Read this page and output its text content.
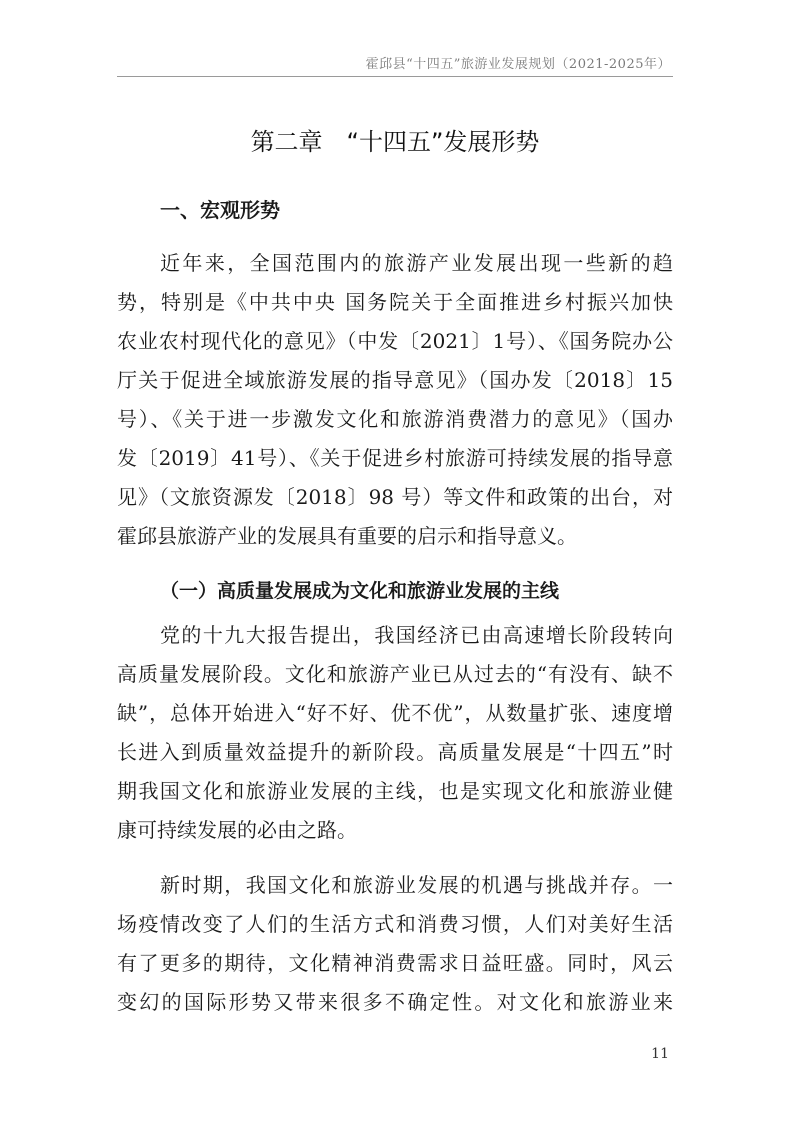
霍邱县“十四五”旅游业发展规划（2021-2025年）
第二章　“十四五”发展形势
一、宏观形势
近年来，全国范围内的旅游产业发展出现一些新的趋
势，特别是《中共中央 国务院关于全面推进乡村振兴加快
农业农村现代化的意见》（中发〔2021〕1号）、《国务院办公
厅关于促进全域旅游发展的指导意见》（国办发〔2018〕15
号）、《关于进一步激发文化和旅游消费潜力的意见》（国办
发〔2019〕41号）、《关于促进乡村旅游可持续发展的指导意
见》（文旅资源发〔2018〕98 号）等文件和政策的出台，对
霍邱县旅游产业的发展具有重要的启示和指导意义。
（一）高质量发展成为文化和旅游业发展的主线
党的十九大报告提出，我国经济已由高速增长阶段转向
高质量发展阶段。文化和旅游产业已从过去的“有没有、缺不
缺”，总体开始进入“好不好、优不优”，从数量扩张、速度增
长进入到质量效益提升的新阶段。高质量发展是“十四五”时
期我国文化和旅游业发展的主线，也是实现文化和旅游业健
康可持续发展的必由之路。
新时期，我国文化和旅游业发展的机遇与挑战并存。一
场疫情改变了人们的生活方式和消费习惯，人们对美好生活
有了更多的期待，文化精神消费需求日益旺盛。同时，风云
变幻的国际形势又带来很多不确定性。对文化和旅游业来
11
